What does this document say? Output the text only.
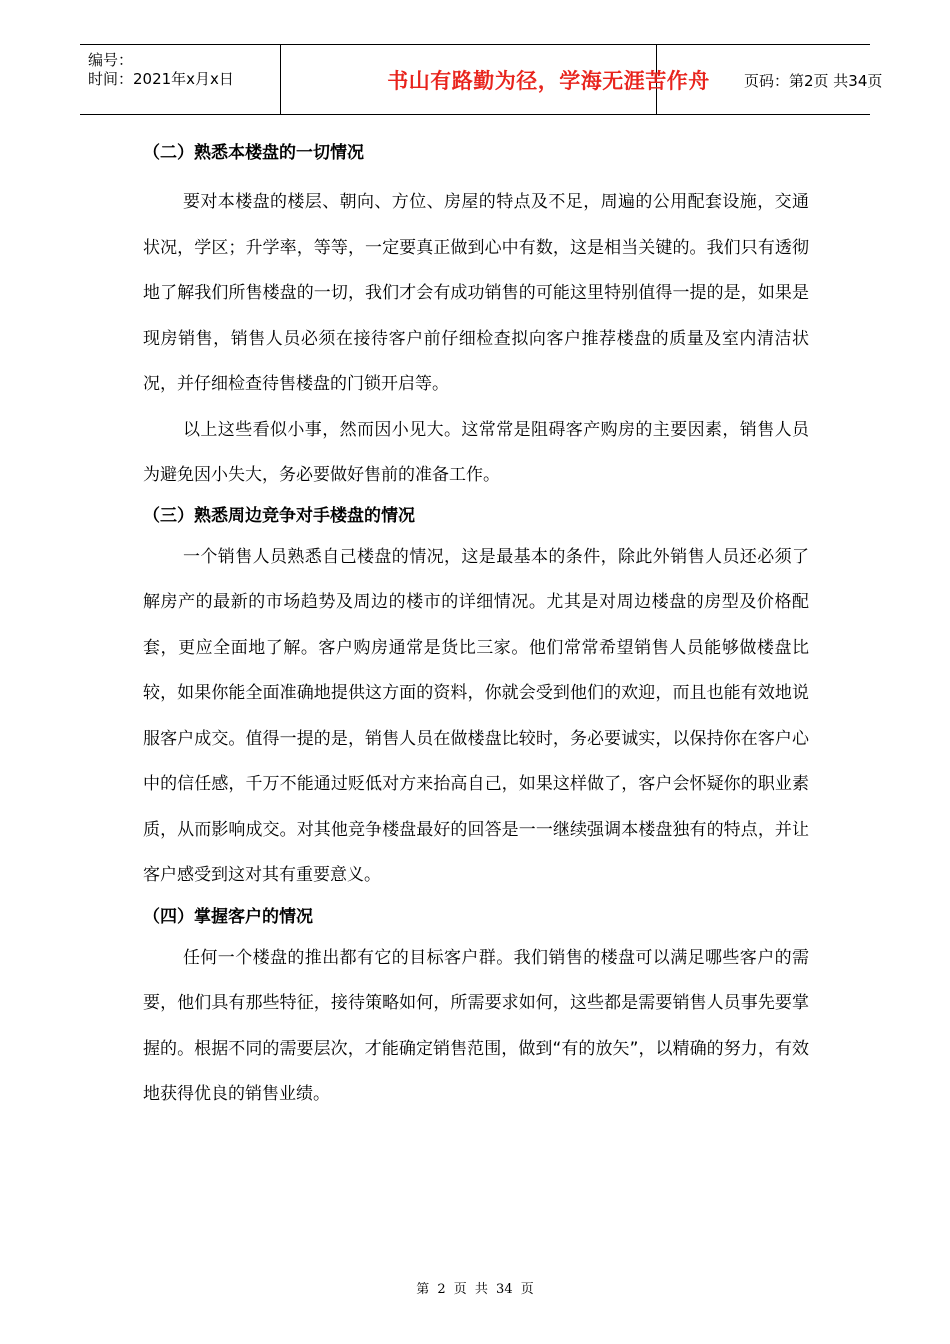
编号：
时间：2021年x月x日	书山有路勤为径，学海无涯苦作舟	页码：第2页 共34页
（二）熟悉本楼盘的一切情况

要对本楼盘的楼层、朝向、方位、房屋的特点及不足，周遍的公用配套设施，交通状况，学区；升学率，等等，一定要真正做到心中有数，这是相当关键的。我们只有透彻地了解我们所售楼盘的一切，我们才会有成功销售的可能这里特别值得一提的是，如果是现房销售，销售人员必须在接待客户前仔细检查拟向客户推荐楼盘的质量及室内清洁状况，并仔细检查待售楼盘的门锁开启等。

以上这些看似小事，然而因小见大。这常常是阻碍客产购房的主要因素，销售人员为避免因小失大，务必要做好售前的准备工作。

（三）熟悉周边竞争对手楼盘的情况

一个销售人员熟悉自己楼盘的情况，这是最基本的条件，除此外销售人员还必须了解房产的最新的市场趋势及周边的楼市的详细情况。尤其是对周边楼盘的房型及价格配套，更应全面地了解。客户购房通常是货比三家。他们常常希望销售人员能够做楼盘比较，如果你能全面准确地提供这方面的资料，你就会受到他们的欢迎，而且也能有效地说服客户成交。值得一提的是，销售人员在做楼盘比较时，务必要诚实，以保持你在客户心中的信任感，千万不能通过贬低对方来抬高自己，如果这样做了，客户会怀疑你的职业素质，从而影响成交。对其他竞争楼盘最好的回答是一一继续强调本楼盘独有的特点，并让客户感受到这对其有重要意义。

（四）掌握客户的情况

任何一个楼盘的推出都有它的目标客户群。我们销售的楼盘可以满足哪些客户的需要，他们具有那些特征，接待策略如何，所需要求如何，这些都是需要销售人员事先要掌握的。根据不同的需要层次，才能确定销售范围，做到“有的放矢”，以精确的努力，有效地获得优良的销售业绩。

第 2 页 共 34 页
